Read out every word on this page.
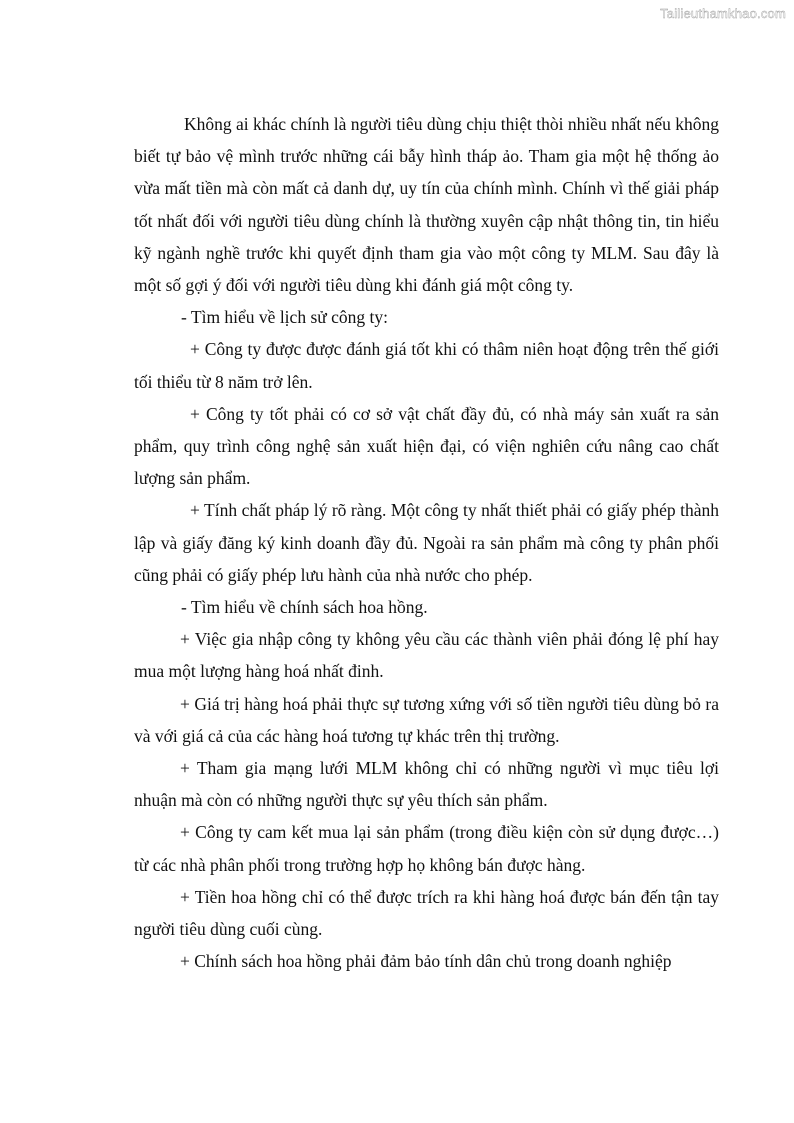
Tailieuthamkhao.com

Không ai khác chính là người tiêu dùng chịu thiệt thòi nhiều nhất nếu không biết tự bảo vệ mình trước những cái bẫy hình tháp ảo. Tham gia một hệ thống ảo vừa mất tiền mà còn mất cả danh dự, uy tín của chính mình. Chính vì thế giải pháp tốt nhất đối với người tiêu dùng chính là thường xuyên cập nhật thông tin, tin hiểu kỹ ngành nghề trước khi quyết định tham gia vào một công ty MLM. Sau đây là một số gợi ý đối với người tiêu dùng khi đánh giá một công ty.

- Tìm hiểu về lịch sử công ty:

+ Công ty được được đánh giá tốt khi có thâm niên hoạt động trên thế giới tối thiểu từ 8 năm trở lên.

+ Công ty tốt phải có cơ sở vật chất đầy đủ, có nhà máy sản xuất ra sản phẩm, quy trình công nghệ sản xuất hiện đại, có viện nghiên cứu nâng cao chất lượng sản phẩm.

+ Tính chất pháp lý rõ ràng. Một công ty nhất thiết phải có giấy phép thành lập và giấy đăng ký kinh doanh đầy đủ. Ngoài ra sản phẩm mà công ty phân phối cũng phải có giấy phép lưu hành của nhà nước cho phép.

- Tìm hiểu về chính sách hoa hồng.

+ Việc gia nhập công ty không yêu cầu các thành viên phải đóng lệ phí hay mua một lượng hàng hoá nhất đinh.

+ Giá trị hàng hoá phải thực sự tương xứng với số tiền người tiêu dùng bỏ ra và với giá cả của các hàng hoá tương tự khác trên thị trường.

+ Tham gia mạng lưới MLM không chỉ có những người vì mục tiêu lợi nhuận mà còn có những người thực sự yêu thích sản phẩm.

+ Công ty cam kết mua lại sản phẩm (trong điều kiện còn sử dụng được…) từ các nhà phân phối trong trường hợp họ không bán được hàng.

+ Tiền hoa hồng chỉ có thể được trích ra khi hàng hoá được bán đến tận tay người tiêu dùng cuối cùng.

+ Chính sách hoa hồng phải đảm bảo tính dân chủ trong doanh nghiệp
